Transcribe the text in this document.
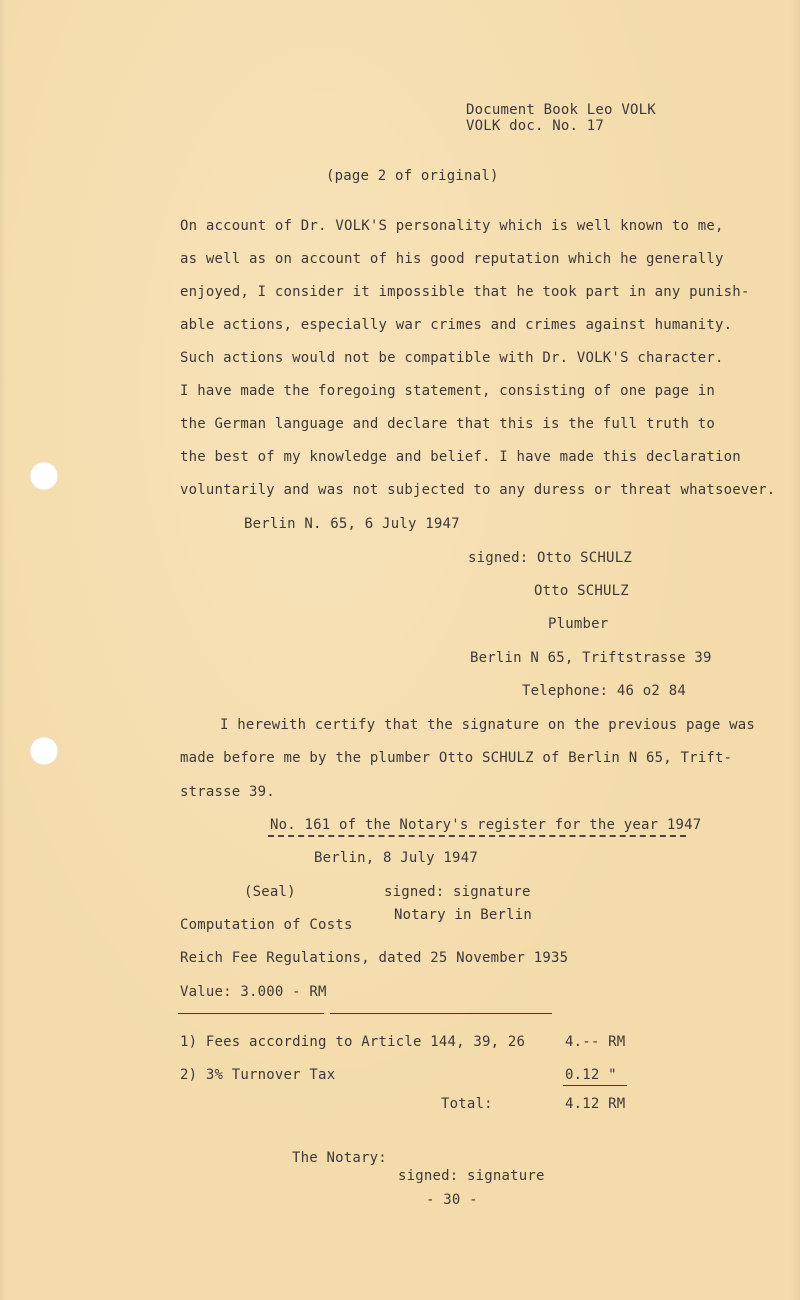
Document Book Leo VOLK
VOLK doc. No. 17
(page 2 of original)
On account of Dr. VOLK'S personality which is well known to me,
as well as on account of his good reputation which he generally
enjoyed, I consider it impossible that he took part in any punish-
able actions, especially war crimes and crimes against humanity.
Such actions would not be compatible with Dr. VOLK'S character.
I have made the foregoing statement, consisting of one page in
the German language and declare that this is the full truth to
the best of my knowledge and belief. I have made this declaration
voluntarily and was not subjected to any duress or threat whatsoever.
Berlin N. 65, 6 July 1947
signed: Otto SCHULZ
Otto SCHULZ
Plumber
Berlin N 65, Triftstrasse 39
Telephone: 46 o2 84
I herewith certify that the signature on the previous page was
made before me by the plumber Otto SCHULZ of Berlin N 65, Trift-
strasse 39.
No. 161 of the Notary's register for the year 1947
Berlin, 8 July 1947
(Seal)	signed: signature
Notary in Berlin
Computation of Costs
Reich Fee Regulations, dated 25 November 1935
Value: 3.000 - RM
1) Fees according to Article 144, 39, 26	4.-- RM
2) 3% Turnover Tax	0.12 "
Total:	4.12 RM
The Notary:
signed: signature
- 30 -
